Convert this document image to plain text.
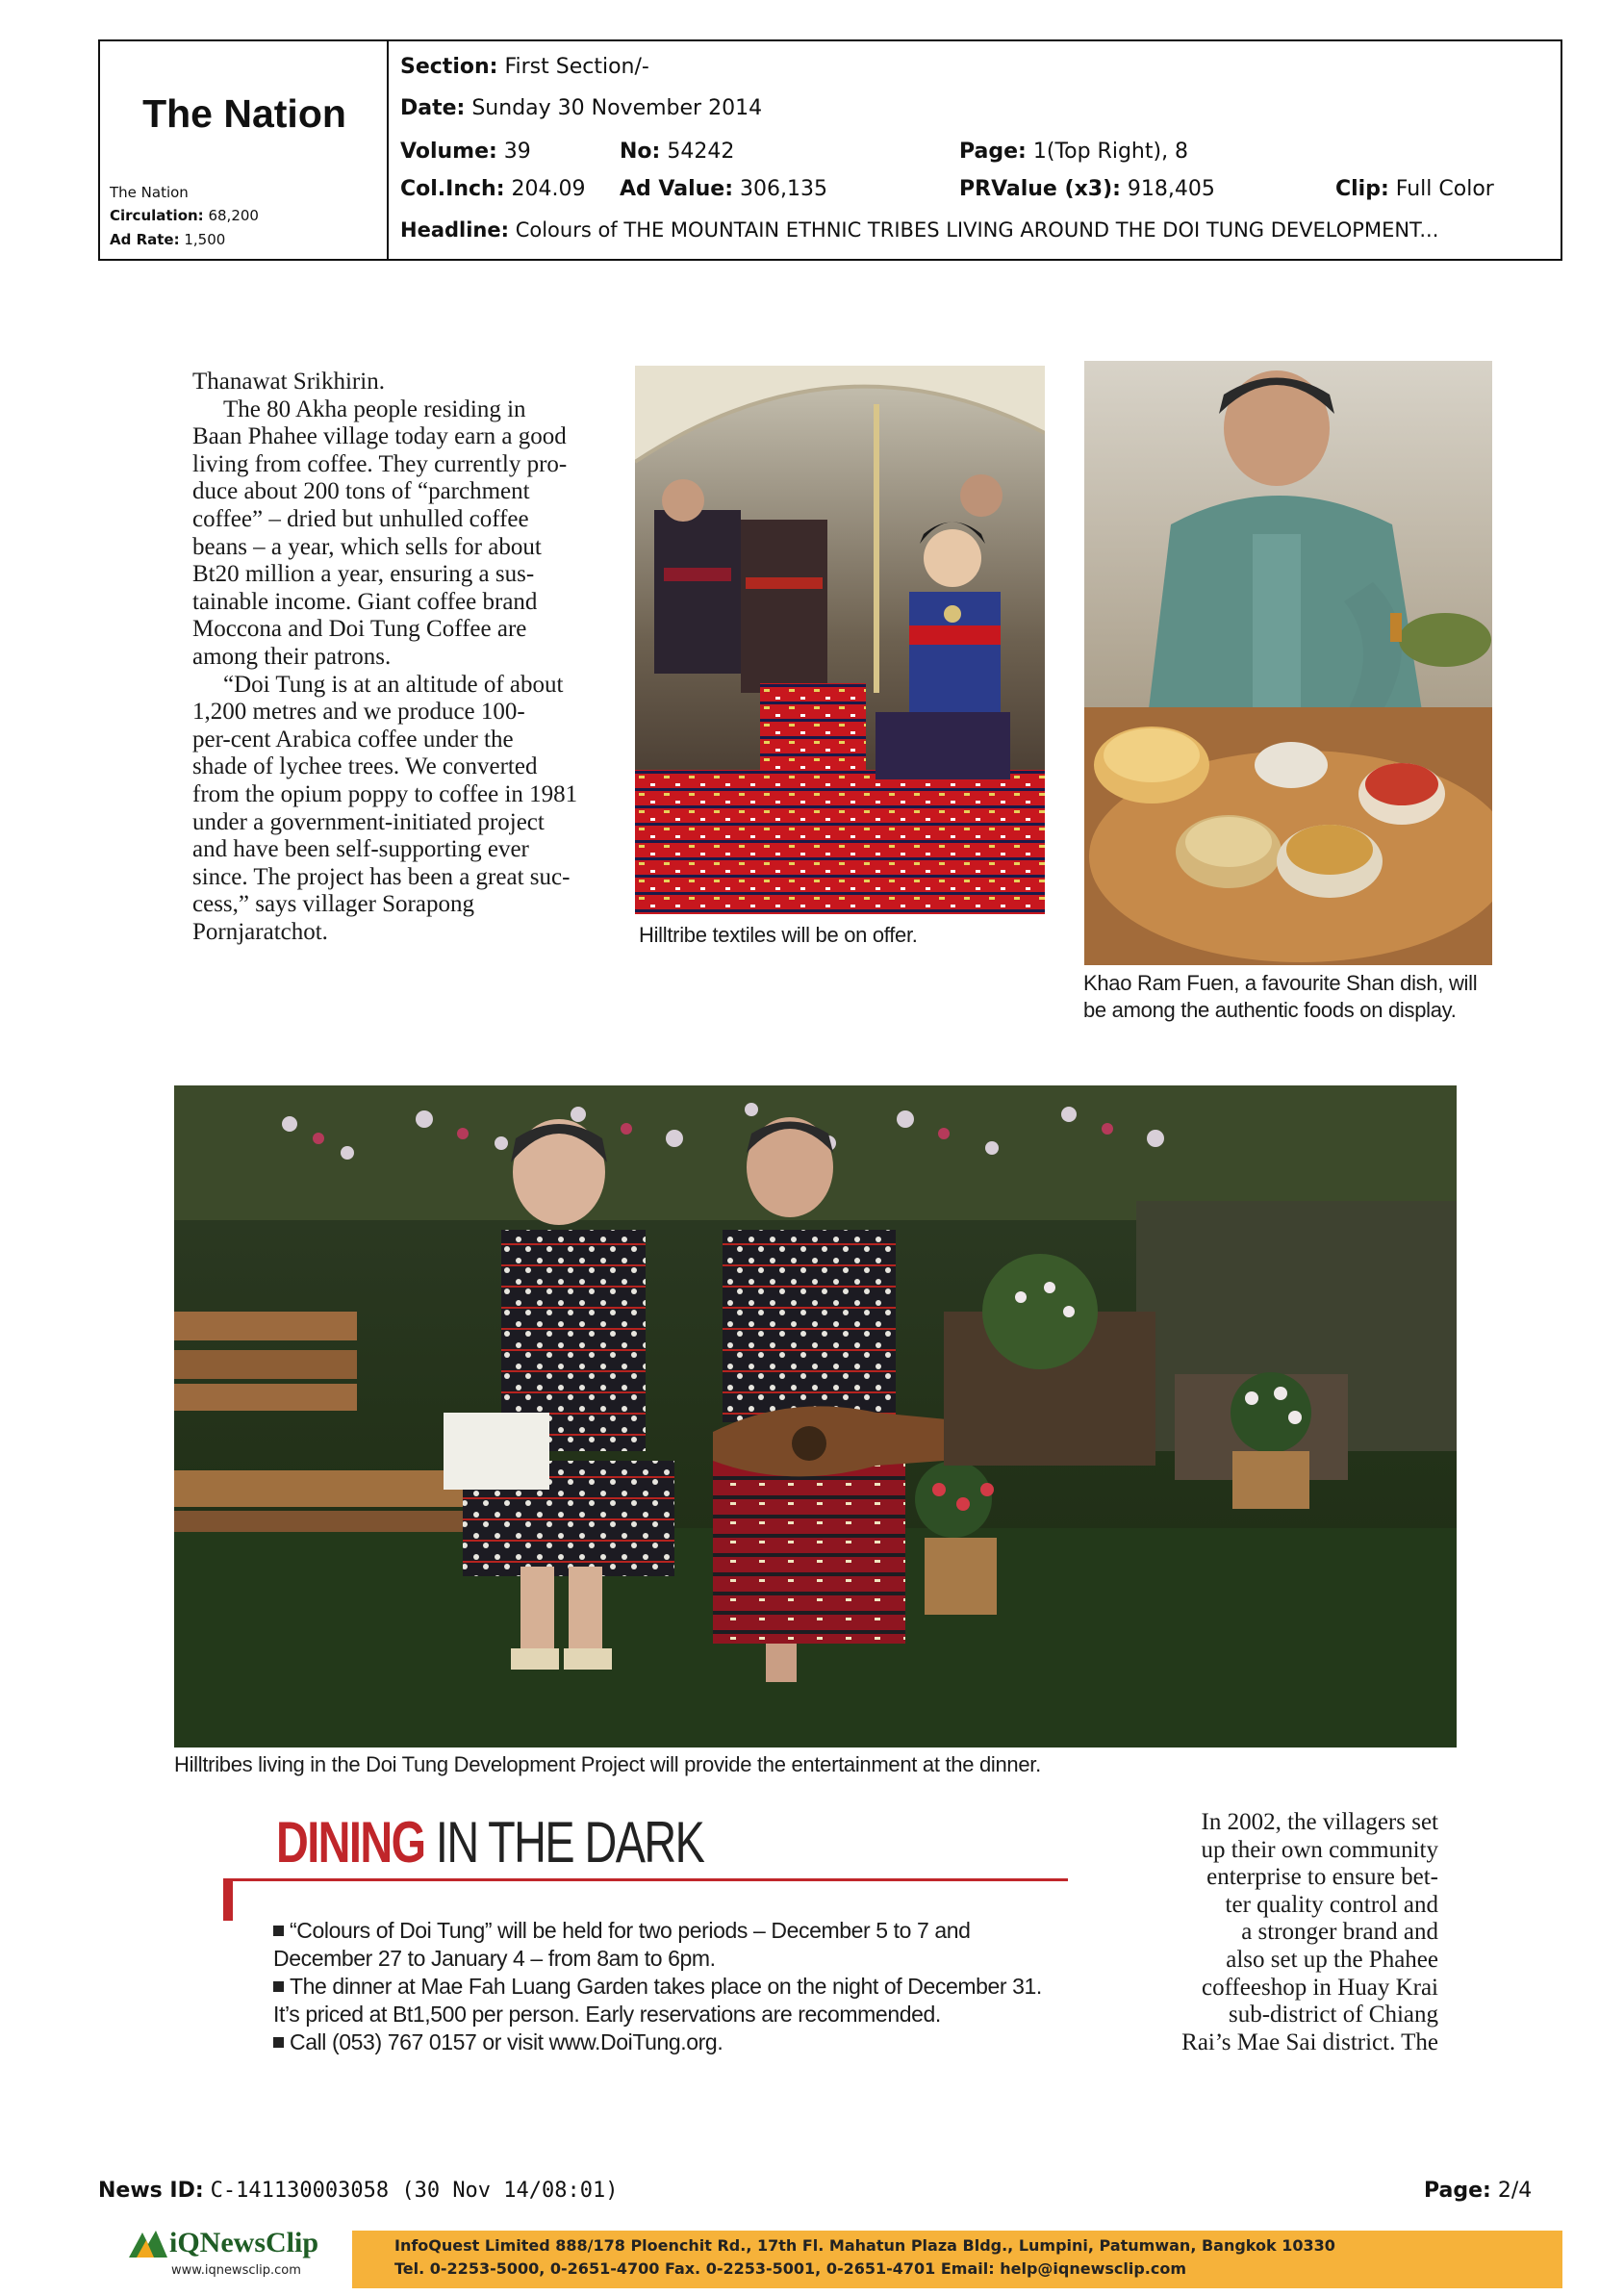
The Nation
The Nation
Circulation: 68,200
Ad Rate: 1,500
Section: First Section/-
Date: Sunday 30 November 2014
Volume: 39	No: 54242	Page: 1(Top Right), 8
Col.Inch: 204.09 Ad Value: 306,135	PRValue (x3): 918,405	Clip: Full Color
Headline: Colours of THE MOUNTAIN ETHNIC TRIBES LIVING AROUND THE DOI TUNG DEVELOPMENT...
Thanawat Srikhirin.
The 80 Akha people residing in
Baan Phahee village today earn a good
living from coffee. They currently pro-
duce about 200 tons of “parchment
coffee” – dried but unhulled coffee
beans – a year, which sells for about
Bt20 million a year, ensuring a sus-
tainable income. Giant coffee brand
Moccona and Doi Tung Coffee are
among their patrons.
“Doi Tung is at an altitude of about
1,200 metres and we produce 100-
per-cent Arabica coffee under the
shade of lychee trees. We converted
from the opium poppy to coffee in 1981
under a government-initiated project
and have been self-supporting ever
since. The project has been a great suc-
cess,” says villager Sorapong
Pornjaratchot.	Hilltribe textiles will be on offer.
Khao Ram Fuen, a favourite Shan dish, will be among the authentic foods on display.
Hilltribes living in the Doi Tung Development Project will provide the entertainment at the dinner.
DINING IN THE DARK
“Colours of Doi Tung” will be held for two periods – December 5 to 7 and December 27 to January 4 – from 8am to 6pm.
The dinner at Mae Fah Luang Garden takes place on the night of December 31. It’s priced at Bt1,500 per person. Early reservations are recommended.
Call (053) 767 0157 or visit www.DoiTung.org.
In 2002, the villagers set
up their own community
enterprise to ensure bet-
ter quality control and
a stronger brand and
also set up the Phahee
coffeeshop in Huay Krai
sub-district of Chiang
Rai’s Mae Sai district. The
News ID: C-141130003058 (30 Nov 14/08:01)	Page: 2/4
iQNewsClip
www.iqnewsclip.com
InfoQuest Limited 888/178 Ploenchit Rd., 17th Fl. Mahatun Plaza Bldg., Lumpini, Patumwan, Bangkok 10330
Tel. 0-2253-5000, 0-2651-4700 Fax. 0-2253-5001, 0-2651-4701 Email: help@iqnewsclip.com
